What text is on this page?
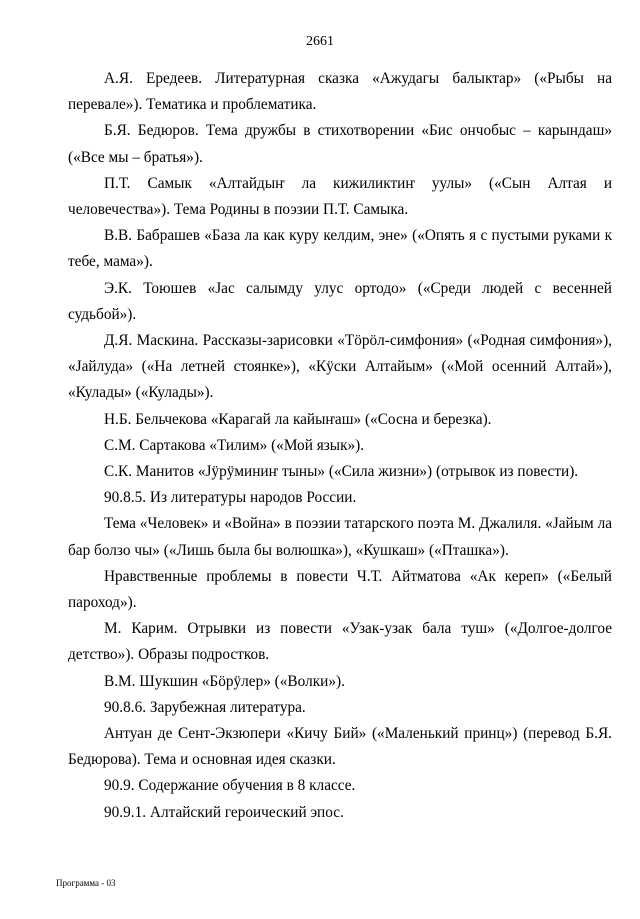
2661

А.Я. Ередеев. Литературная сказка «Ажудагы балыктар» («Рыбы на перевале»). Тематика и проблематика.

Б.Я. Бедюров. Тема дружбы в стихотворении «Бис ончобыс – карындаш» («Все мы – братья»).

П.Т. Самык «Алтайдыҥ ла кижиликтиҥ уулы» («Сын Алтая и человечества»). Тема Родины в поэзии П.Т. Самыка.

В.В. Бабрашев «База ла как куру келдим, эне» («Опять я с пустыми руками к тебе, мама»).

Э.К. Тоюшев «Јас салымду улус ортодо» («Среди людей с весенней судьбой»).

Д.Я. Маскина. Рассказы-зарисовки «Тӧрӧл-симфония» («Родная симфония»), «Јайлуда» («На летней стоянке»), «Кÿски Алтайым» («Мой осенний Алтай»), «Кулады» («Кулады»).

Н.Б. Бельчекова «Карагай ла кайыҥаш» («Сосна и березка).

С.М. Сартакова «Тилим» («Мой язык»).

С.К. Манитов «Јӱрӱминиҥ тыны» («Сила жизни») (отрывок из повести).

90.8.5. Из литературы народов России.

Тема «Человек» и «Война» в поэзии татарского поэта М. Джалиля. «Јайым ла бар болзо чы» («Лишь была бы волюшка»), «Кушкаш» («Пташка»).

Нравственные проблемы в повести Ч.Т. Айтматова «Ак кереп» («Белый пароход»).

М. Карим. Отрывки из повести «Узак-узак бала туш» («Долгое-долгое детство»). Образы подростков.

В.М. Шукшин «Бӧрӱлер» («Волки»).

90.8.6. Зарубежная литература.

Антуан де Сент-Экзюпери «Кичу Бий» («Маленький принц») (перевод Б.Я. Бедюрова). Тема и основная идея сказки.

90.9. Содержание обучения в 8 классе.

90.9.1. Алтайский героический эпос.

Программа - 03
